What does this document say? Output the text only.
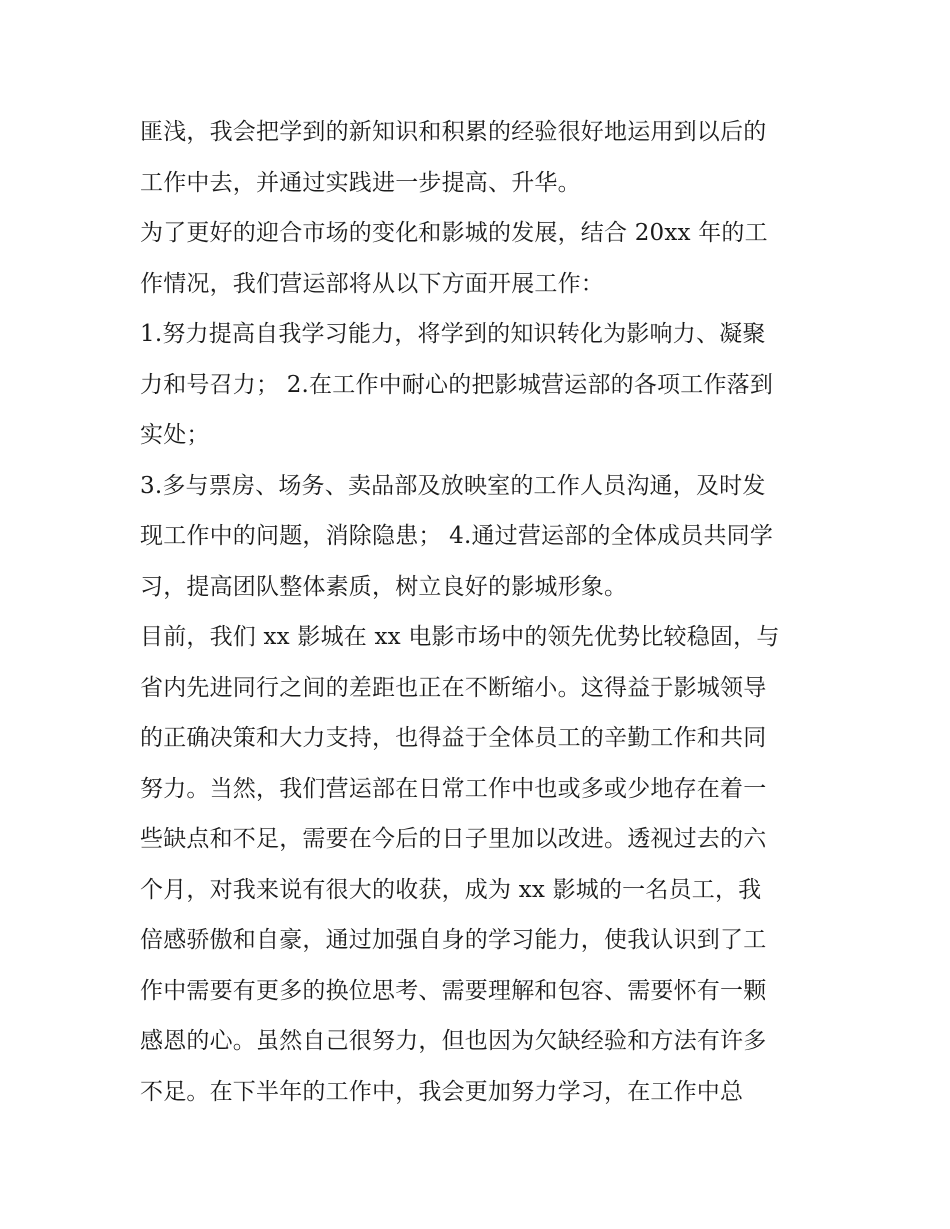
匪浅，我会把学到的新知识和积累的经验很好地运用到以后的
工作中去，并通过实践进一步提高、升华。
为了更好的迎合市场的变化和影城的发展，结合 20xx 年的工
作情况，我们营运部将从以下方面开展工作：
1.努力提高自我学习能力，将学到的知识转化为影响力、凝聚
力和号召力； 2.在工作中耐心的把影城营运部的各项工作落到
实处；
3.多与票房、场务、卖品部及放映室的工作人员沟通，及时发
现工作中的问题，消除隐患； 4.通过营运部的全体成员共同学
习，提高团队整体素质，树立良好的影城形象。
目前，我们 xx 影城在 xx 电影市场中的领先优势比较稳固，与
省内先进同行之间的差距也正在不断缩小。这得益于影城领导
的正确决策和大力支持，也得益于全体员工的辛勤工作和共同
努力。当然，我们营运部在日常工作中也或多或少地存在着一
些缺点和不足，需要在今后的日子里加以改进。透视过去的六
个月，对我来说有很大的收获，成为 xx 影城的一名员工，我
倍感骄傲和自豪，通过加强自身的学习能力，使我认识到了工
作中需要有更多的换位思考、需要理解和包容、需要怀有一颗
感恩的心。虽然自己很努力，但也因为欠缺经验和方法有许多
不足。在下半年的工作中，我会更加努力学习，在工作中总
